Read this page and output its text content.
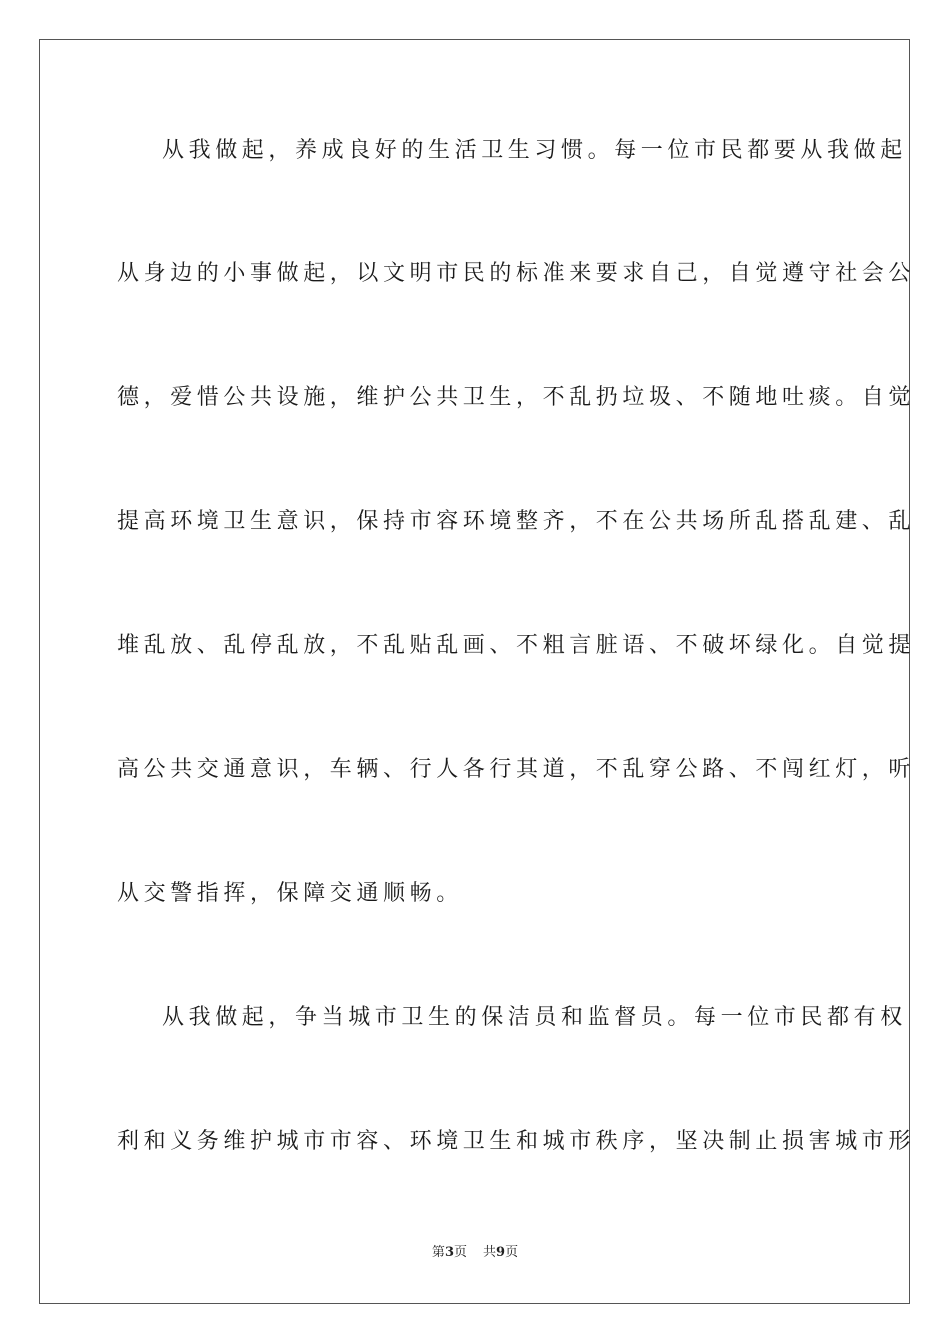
从我做起，养成良好的生活卫生习惯。每一位市民都要从我做起
从身边的小事做起，以文明市民的标准来要求自己，自觉遵守社会公
德，爱惜公共设施，维护公共卫生，不乱扔垃圾、不随地吐痰。自觉
提高环境卫生意识，保持市容环境整齐，不在公共场所乱搭乱建、乱
堆乱放、乱停乱放，不乱贴乱画、不粗言脏语、不破坏绿化。自觉提
高公共交通意识，车辆、行人各行其道，不乱穿公路、不闯红灯，听
从交警指挥，保障交通顺畅。
从我做起，争当城市卫生的保洁员和监督员。每一位市民都有权
利和义务维护城市市容、环境卫生和城市秩序，坚决制止损害城市形
第3页 共9页
